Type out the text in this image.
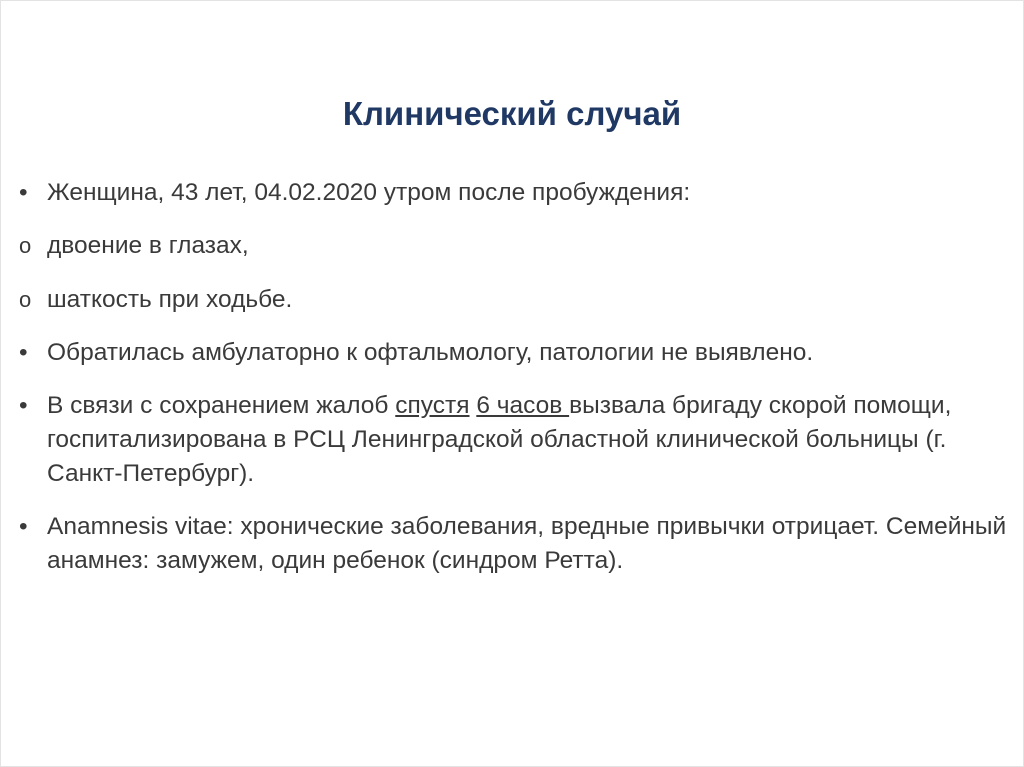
Клинический случай
• Женщина, 43 лет, 04.02.2020 утром после пробуждения:
o двоение в глазах,
o шаткость при ходьбе.
• Обратилась амбулаторно к офтальмологу, патологии не выявлено.
• В связи с сохранением жалоб спустя 6 часов вызвала бригаду скорой помощи, госпитализирована в РСЦ Ленинградской областной клинической больницы (г. Санкт-Петербург).
• Anamnesis vitae: хронические заболевания, вредные привычки отрицает. Семейный анамнез: замужем, один ребенок (синдром Ретта).
